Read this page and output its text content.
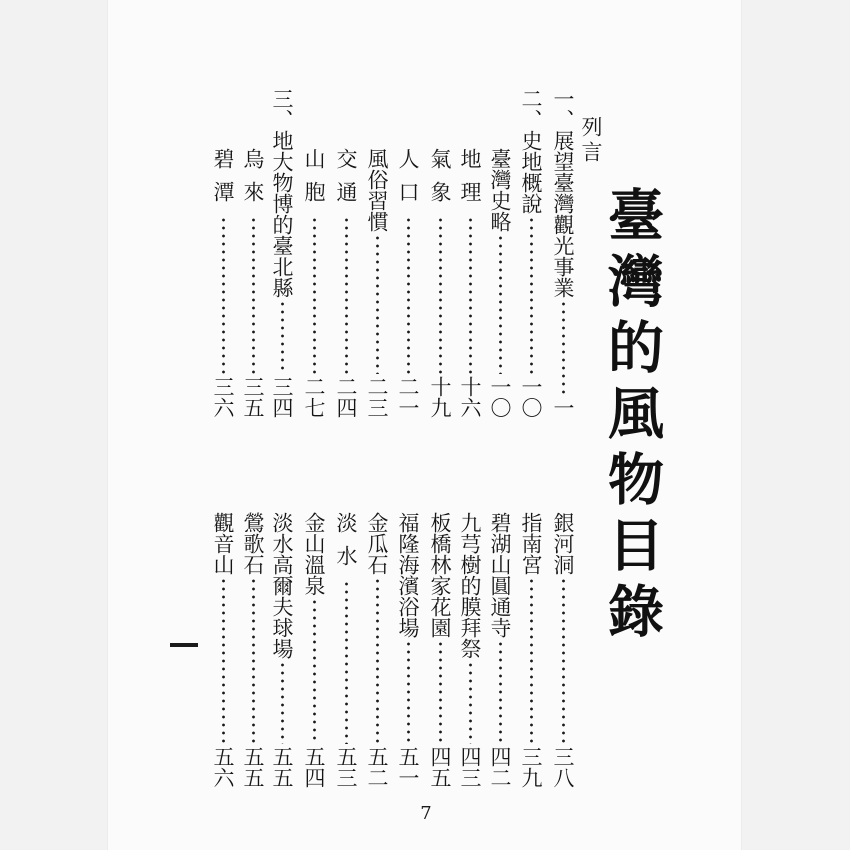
臺灣的風物目錄
列言
一、展望臺灣觀光事業
一
二、史地概說
一〇
臺灣史略
一〇
地理
十六
氣象
十九
人口
二一
風俗習慣
二三
交通
二四
山胞
二七
三、地大物博的臺北縣
三四
烏來
三五
碧潭
三六
銀河洞
三八
指南宮
三九
碧湖山圓通寺
四二
九芎樹的膜拜祭
四三
板橋林家花園
四五
福隆海濱浴場
五一
金瓜石
五二
淡水
五三
金山溫泉
五四
淡水高爾夫球場
五五
鶯歌石
五五
觀音山
五六
7
